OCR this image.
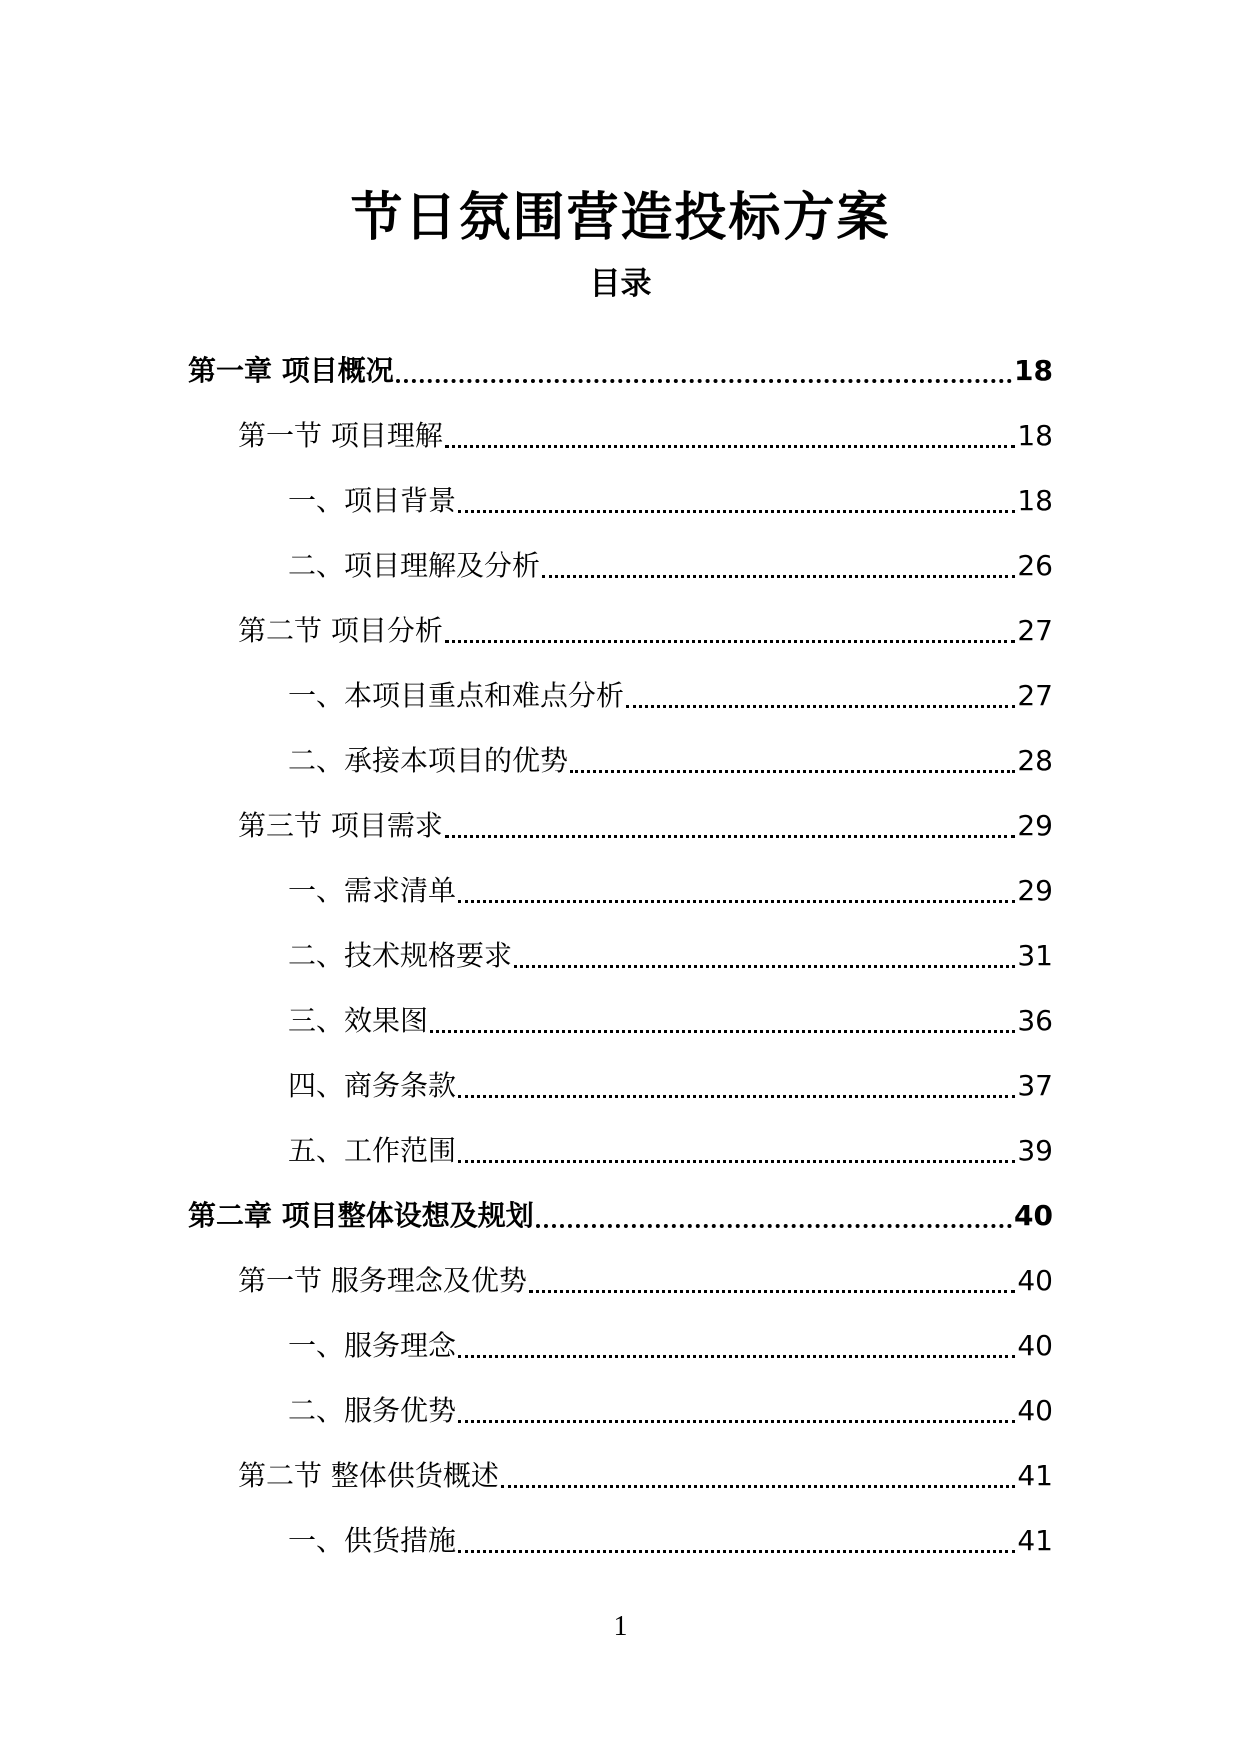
节日氛围营造投标方案
目录
第一章 项目概况	18
第一节 项目理解	18
一、项目背景	18
二、项目理解及分析	26
第二节 项目分析	27
一、本项目重点和难点分析	27
二、承接本项目的优势	28
第三节 项目需求	29
一、需求清单	29
二、技术规格要求	31
三、效果图	36
四、商务条款	37
五、工作范围	39
第二章 项目整体设想及规划	40
第一节 服务理念及优势	40
一、服务理念	40
二、服务优势	40
第二节 整体供货概述	41
一、供货措施	41
1
